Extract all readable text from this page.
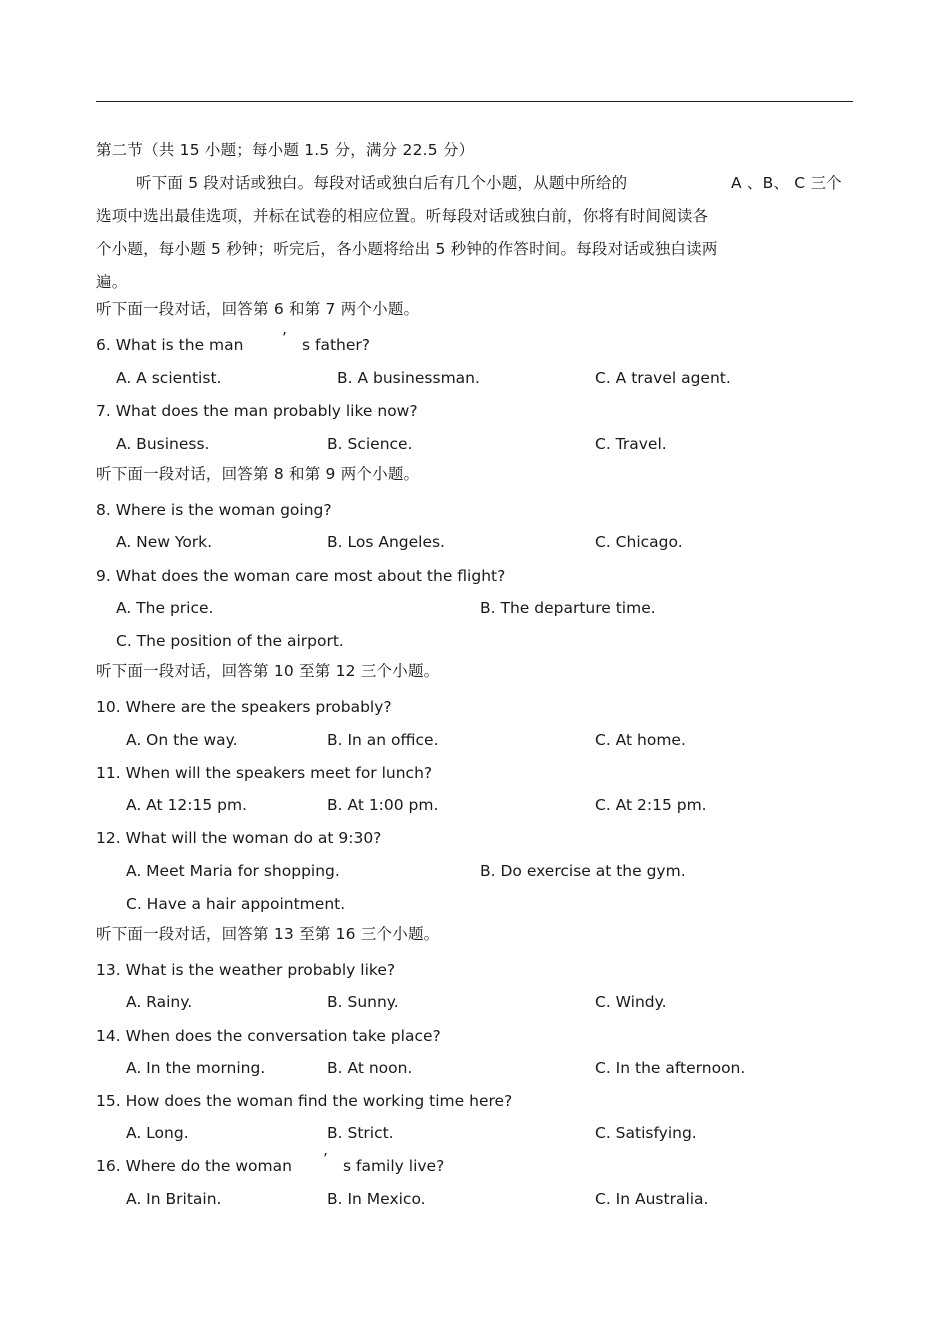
第二节（共 15 小题；每小题 1.5 分，满分 22.5 分）
听下面 5 段对话或独白。每段对话或独白后有几个小题，从题中所给的	A 、B、 C 三个
选项中选出最佳选项，并标在试卷的相应位置。听每段对话或独白前，你将有时间阅读各
个小题，每小题 5 秒钟；听完后，各小题将给出 5 秒钟的作答时间。每段对话或独白读两
遍。
听下面一段对话，回答第 6 和第 7 两个小题。
6. What is the man	’ s father?
A. A scientist.	B. A businessman.	C. A travel agent.
7. What does the man probably like now?
A. Business.	B. Science.	C. Travel.
听下面一段对话，回答第 8 和第 9 两个小题。
8. Where is the woman going?
A. New York.	B. Los Angeles.	C. Chicago.
9. What does the woman care most about the flight?
A. The price.	B. The departure time.
C. The position of the airport.
听下面一段对话，回答第 10 至第 12 三个小题。
10. Where are the speakers probably?
A. On the way.	B. In an office.	C. At home.
11. When will the speakers meet for lunch?
A. At 12:15 pm.	B. At 1:00 pm.	C. At 2:15 pm.
12. What will the woman do at 9:30?
A. Meet Maria for shopping.	B. Do exercise at the gym.
C. Have a hair appointment.
听下面一段对话，回答第 13 至第 16 三个小题。
13. What is the weather probably like?
A. Rainy.	B. Sunny.	C. Windy.
14. When does the conversation take place?
A. In the morning.	B. At noon.	C. In the afternoon.
15. How does the woman find the working time here?
A. Long.	B. Strict.	C. Satisfying.
16. Where do the woman ’ s family live?
A. In Britain.	B. In Mexico.	C. In Australia.
